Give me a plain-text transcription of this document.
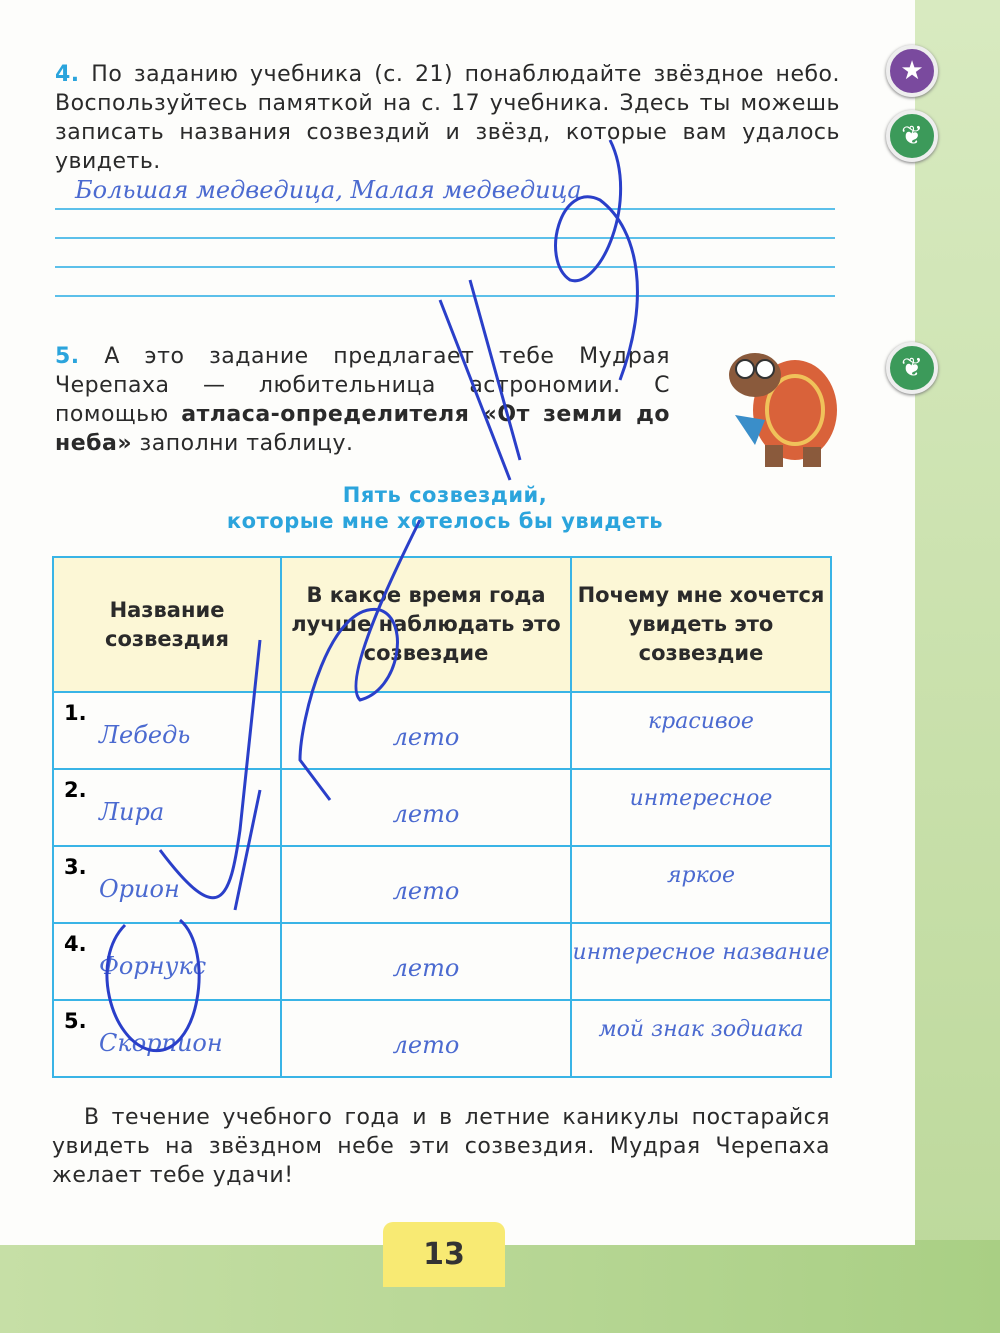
4. По заданию учебника (с. 21) понаблюдайте звёздное небо. Воспользуйтесь памяткой на с. 17 учебника. Здесь ты можешь записать названия созвездий и звёзд, которые вам удалось увидеть.
Большая медведица, Малая медведица
5. А это задание предлагает тебе Мудрая Черепаха — любительница астрономии. С помощью атласа-определителя «От земли до неба» заполни таблицу.
Пять созвездий,
которые мне хотелось бы увидеть
Название созвездия	В какое время года лучше наблюдать это созвездие	Почему мне хочется увидеть это созвездие

1.
Лебедь	лето	красивое

2.
Лира	лето	интересное

3.
Орион	лето	яркое

4.
Форнукс	лето	интересное название

5.
Скорпион	лето	мой знак зодиака
В течение учебного года и в летние каникулы постарайся увидеть на звёздном небе эти созвездия. Мудрая Черепаха желает тебе удачи!
★
❦
❦
13
